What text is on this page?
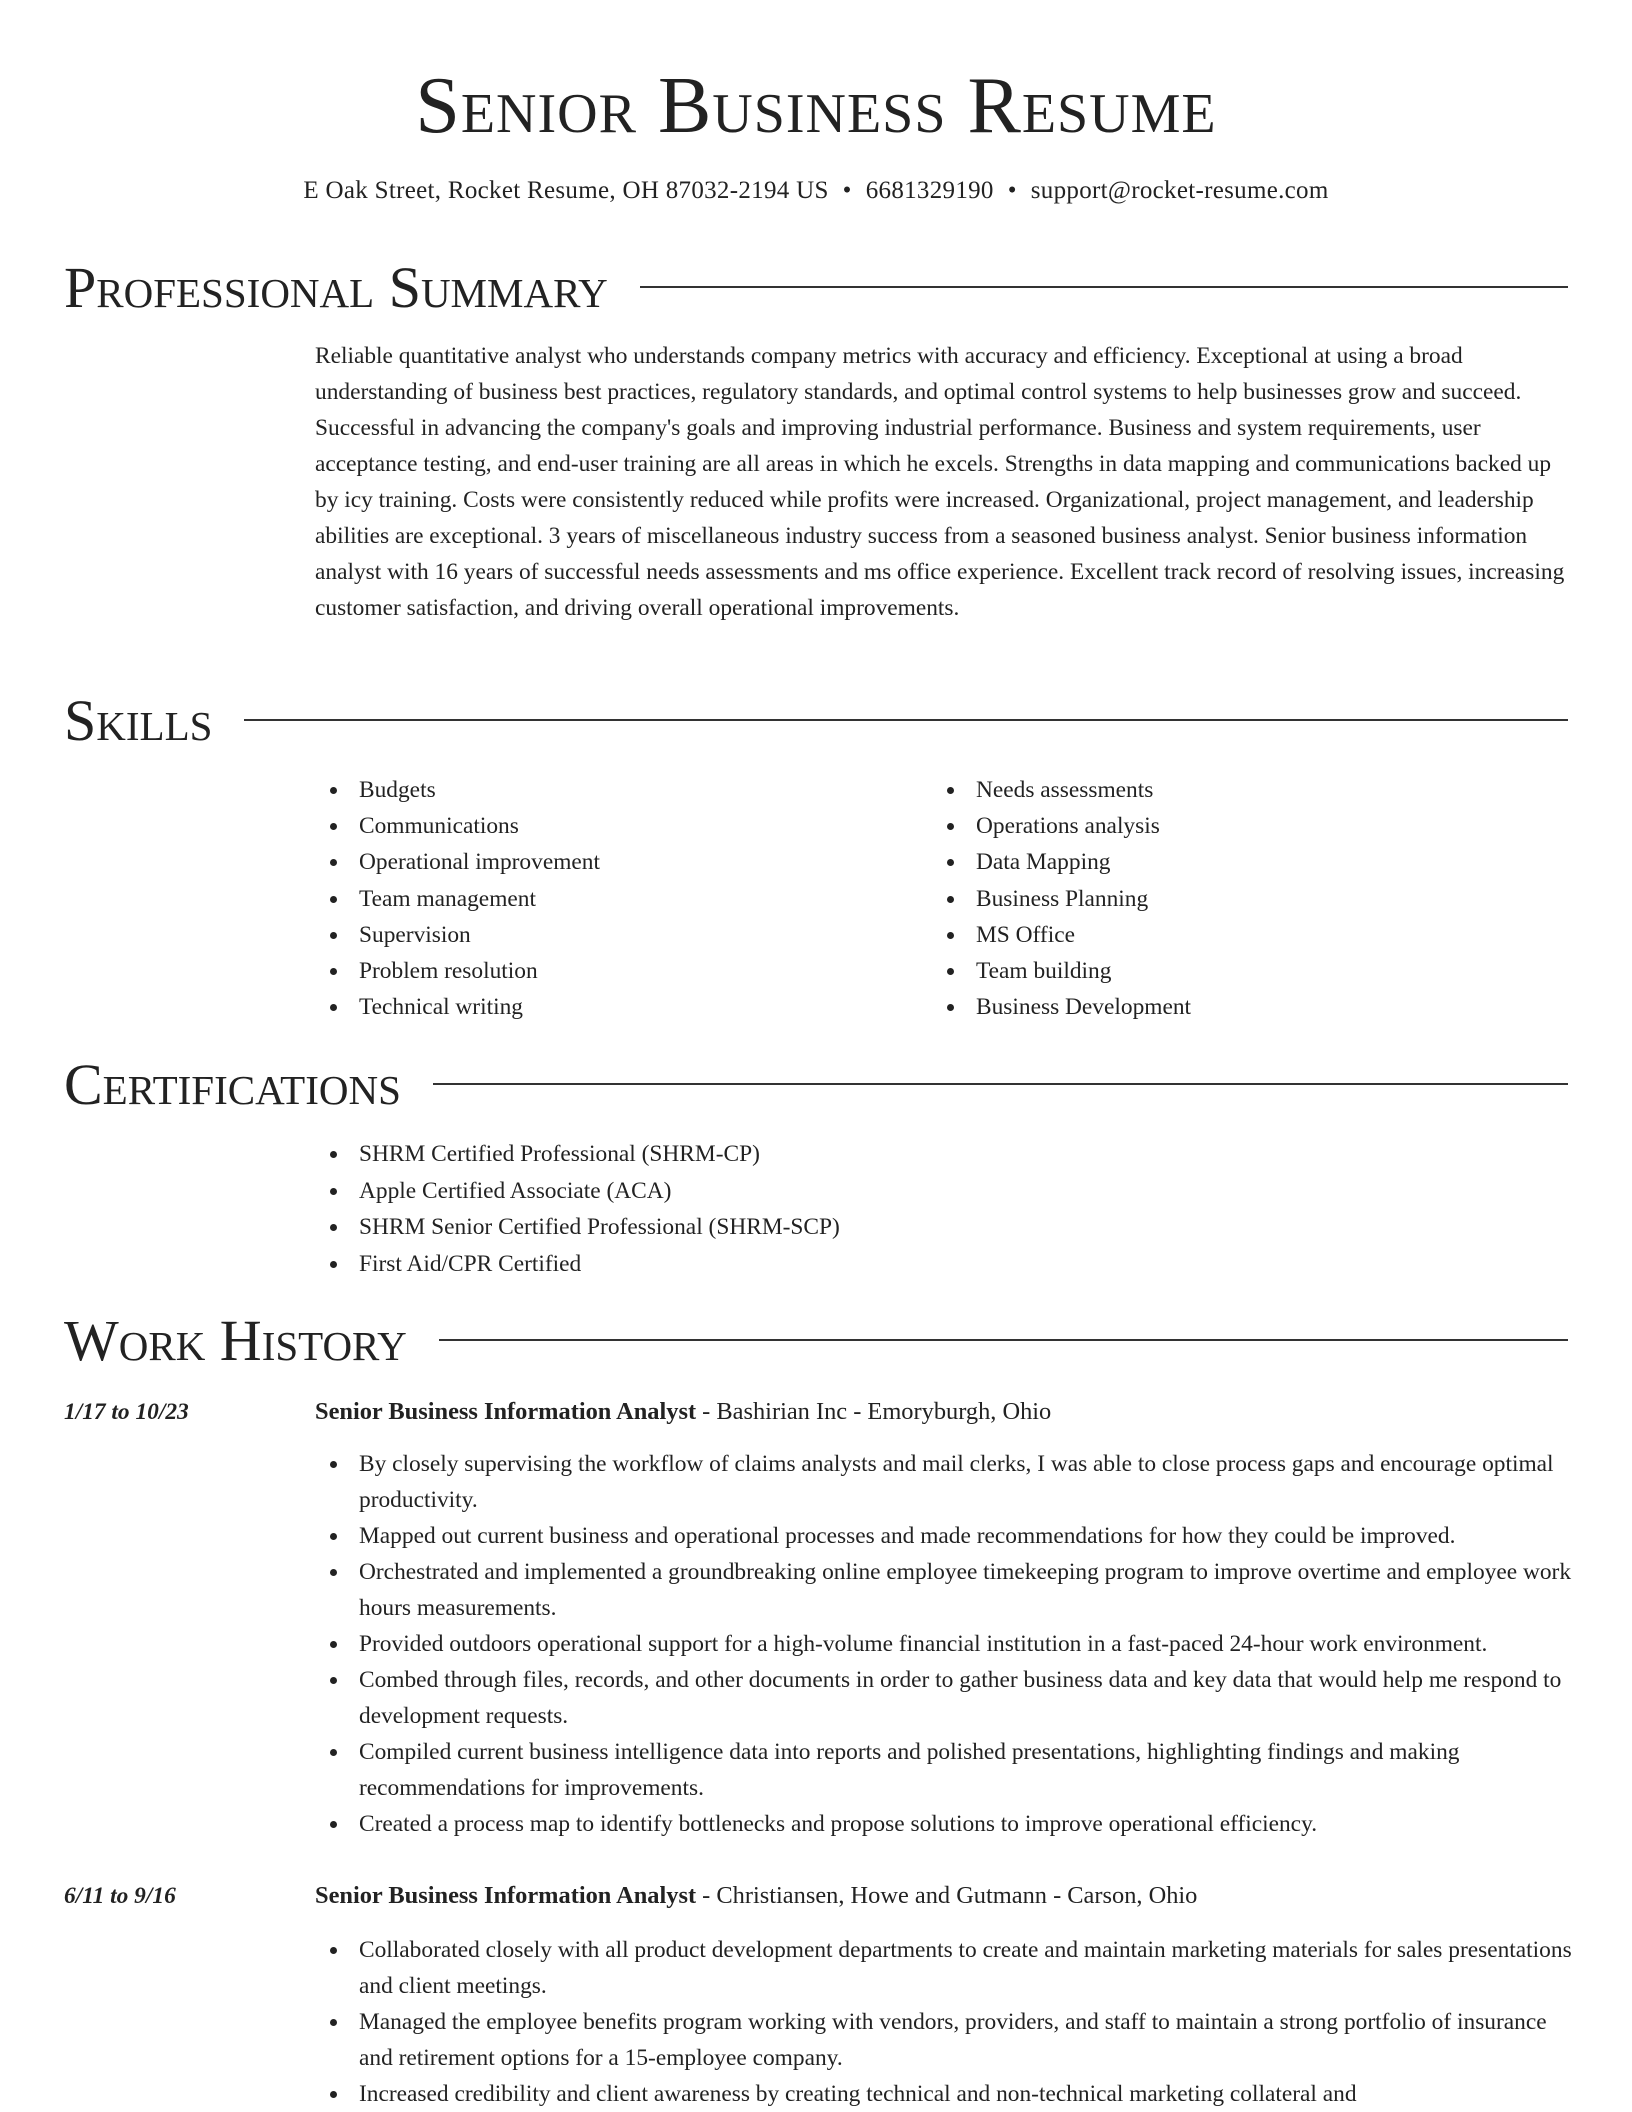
Senior Business Resume
E Oak Street, Rocket Resume, OH 87032-2194 US • 6681329190 • support@rocket-resume.com
Professional Summary

Reliable quantitative analyst who understands company metrics with accuracy and efficiency. Exceptional at using a broad understanding of business best practices, regulatory standards, and optimal control systems to help businesses grow and succeed. Successful in advancing the company's goals and improving industrial performance. Business and system requirements, user acceptance testing, and end-user training are all areas in which he excels. Strengths in data mapping and communications backed up by icy training. Costs were consistently reduced while profits were increased. Organizational, project management, and leadership abilities are exceptional. 3 years of miscellaneous industry success from a seasoned business analyst. Senior business information analyst with 16 years of successful needs assessments and ms office experience. Excellent track record of resolving issues, increasing customer satisfaction, and driving overall operational improvements.

Skills
Budgets
Communications
Operational improvement
Team management
Supervision
Problem resolution
Technical writing
Needs assessments
Operations analysis
Data Mapping
Business Planning
MS Office
Team building
Business Development
Certifications
SHRM Certified Professional (SHRM-CP)
Apple Certified Associate (ACA)
SHRM Senior Certified Professional (SHRM-SCP)
First Aid/CPR Certified
Work History
1/17 to 10/23	Senior Business Information Analyst - Bashirian Inc - Emoryburgh, Ohio
By closely supervising the workflow of claims analysts and mail clerks, I was able to close process gaps and encourage optimal productivity.
Mapped out current business and operational processes and made recommendations for how they could be improved.
Orchestrated and implemented a groundbreaking online employee timekeeping program to improve overtime and employee work hours measurements.
Provided outdoors operational support for a high-volume financial institution in a fast-paced 24-hour work environment.
Combed through files, records, and other documents in order to gather business data and key data that would help me respond to development requests.
Compiled current business intelligence data into reports and polished presentations, highlighting findings and making recommendations for improvements.
Created a process map to identify bottlenecks and propose solutions to improve operational efficiency.
6/11 to 9/16	Senior Business Information Analyst - Christiansen, Howe and Gutmann - Carson, Ohio
Collaborated closely with all product development departments to create and maintain marketing materials for sales presentations and client meetings.
Managed the employee benefits program working with vendors, providers, and staff to maintain a strong portfolio of insurance and retirement options for a 15-employee company.
Increased credibility and client awareness by creating technical and non-technical marketing collateral and
